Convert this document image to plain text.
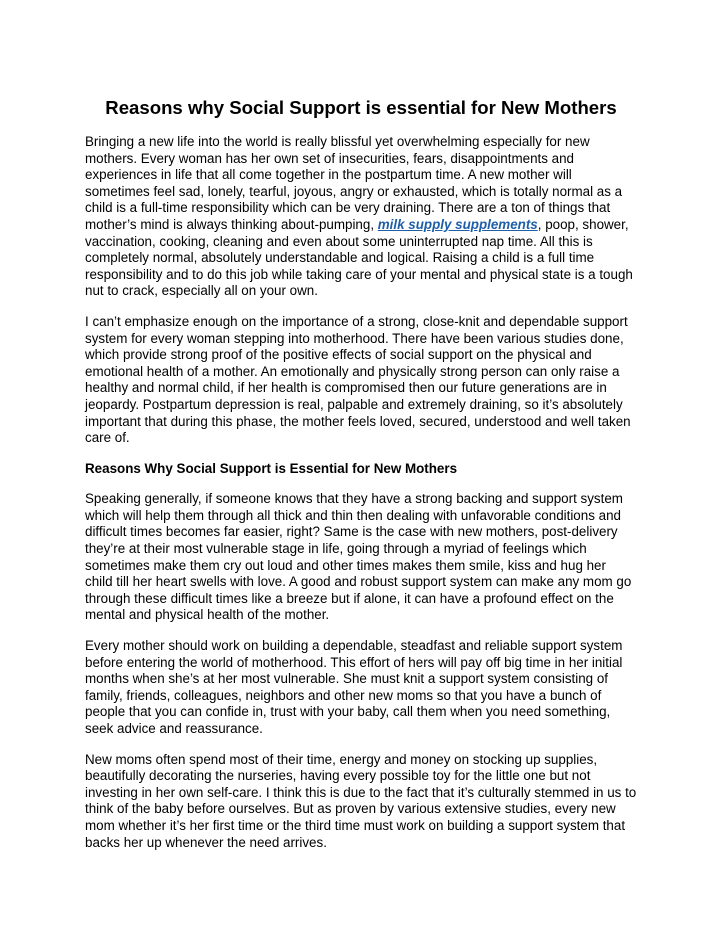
Reasons why Social Support is essential for New Mothers

Bringing a new life into the world is really blissful yet overwhelming especially for new mothers. Every woman has her own set of insecurities, fears, disappointments and experiences in life that all come together in the postpartum time. A new mother will sometimes feel sad, lonely, tearful, joyous, angry or exhausted, which is totally normal as a child is a full-time responsibility which can be very draining. There are a ton of things that mother’s mind is always thinking about-pumping, milk supply supplements, poop, shower, vaccination, cooking, cleaning and even about some uninterrupted nap time. All this is completely normal, absolutely understandable and logical. Raising a child is a full time responsibility and to do this job while taking care of your mental and physical state is a tough nut to crack, especially all on your own.

I can’t emphasize enough on the importance of a strong, close-knit and dependable support system for every woman stepping into motherhood. There have been various studies done, which provide strong proof of the positive effects of social support on the physical and emotional health of a mother. An emotionally and physically strong person can only raise a healthy and normal child, if her health is compromised then our future generations are in jeopardy. Postpartum depression is real, palpable and extremely draining, so it’s absolutely important that during this phase, the mother feels loved, secured, understood and well taken care of.

Reasons Why Social Support is Essential for New Mothers

Speaking generally, if someone knows that they have a strong backing and support system which will help them through all thick and thin then dealing with unfavorable conditions and difficult times becomes far easier, right? Same is the case with new mothers, post-delivery they’re at their most vulnerable stage in life, going through a myriad of feelings which sometimes make them cry out loud and other times makes them smile, kiss and hug her child till her heart swells with love. A good and robust support system can make any mom go through these difficult times like a breeze but if alone, it can have a profound effect on the mental and physical health of the mother.

Every mother should work on building a dependable, steadfast and reliable support system before entering the world of motherhood. This effort of hers will pay off big time in her initial months when she’s at her most vulnerable. She must knit a support system consisting of family, friends, colleagues, neighbors and other new moms so that you have a bunch of people that you can confide in, trust with your baby, call them when you need something, seek advice and reassurance.

New moms often spend most of their time, energy and money on stocking up supplies, beautifully decorating the nurseries, having every possible toy for the little one but not investing in her own self-care. I think this is due to the fact that it’s culturally stemmed in us to think of the baby before ourselves. But as proven by various extensive studies, every new mom whether it’s her first time or the third time must work on building a support system that backs her up whenever the need arrives.
